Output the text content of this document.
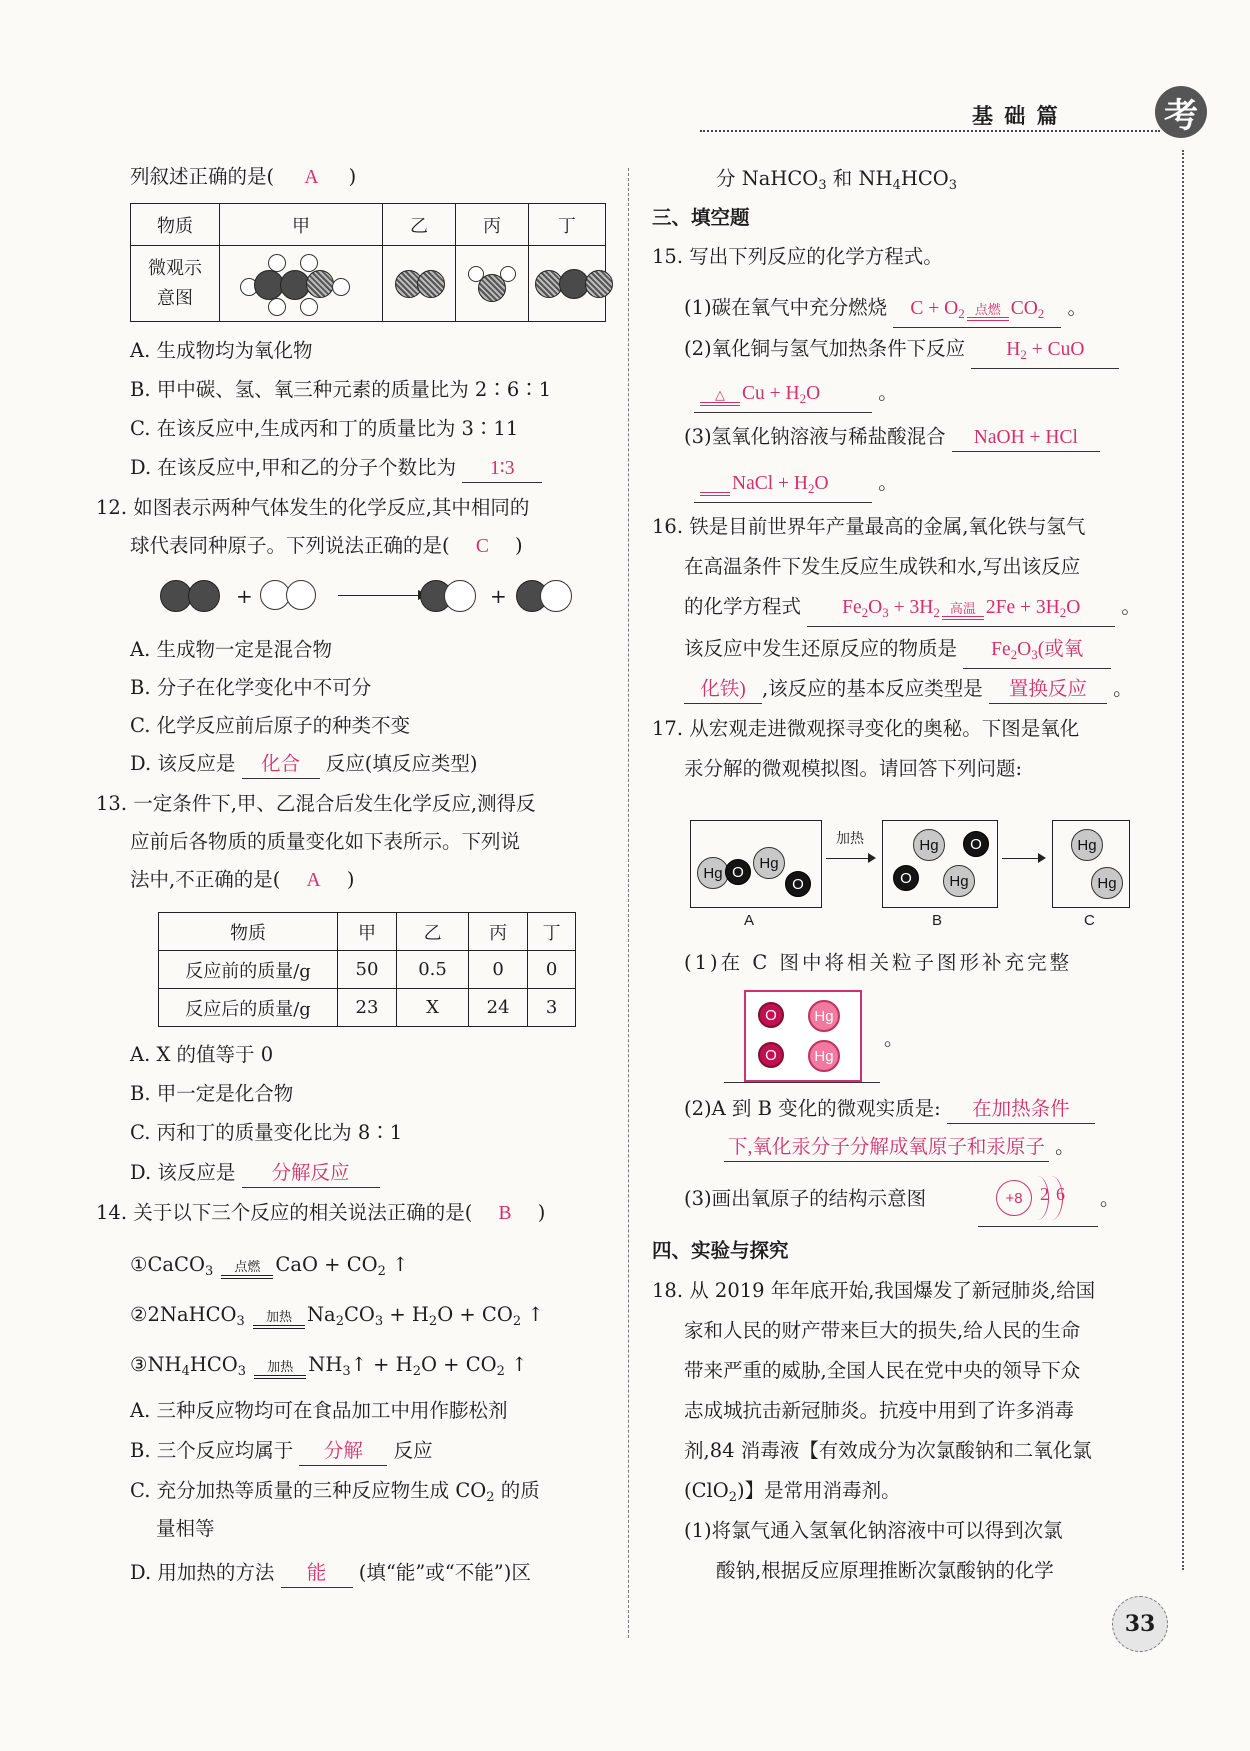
基 础 篇	考
列叙述正确的是( A )
物质	甲	乙	丙	丁

微观示
意图				

A. 生成物均为氧化物
B. 甲中碳、氢、氧三种元素的质量比为 2∶6∶1
C. 在该反应中,生成丙和丁的质量比为 3∶11
D. 在该反应中,甲和乙的分子个数比为 1∶3
12. 如图表示两种气体发生的化学反应,其中相同的
球代表同种原子。下列说法正确的是( C )
+	+
A. 生成物一定是混合物
B. 分子在化学变化中不可分
C. 化学反应前后原子的种类不变
D. 该反应是 化合 反应(填反应类型)
13. 一定条件下,甲、乙混合后发生化学反应,测得反
应前后各物质的质量变化如下表所示。下列说
法中,不正确的是( A )
物质	甲	乙	丙	丁
反应前的质量/g	50	0.5	0	0
反应后的质量/g	23	X	24	3
A. X 的值等于 0
B. 甲一定是化合物
C. 丙和丁的质量变化比为 8∶1
D. 该反应是 分解反应
14. 关于以下三个反应的相关说法正确的是( B )
①CaCO$_3$	点燃 CaO + $CO_2$ ↑
②2NaHCO$_3$	加热 $Na_2CO_3 + H_2O + CO_2$ ↑
$③NH_4HCO_3$	加热 $NH_3↑ + H_2O + CO_2$ ↑
A. 三种反应物均可在食品加工中用作膨松剂
B. 三个反应均属于 分解 反应
C. 充分加热等质量的三种反应物生成 $CO_2$ 的质
量相等
D. 用加热的方法 能 (填“能”或“不能”)区
分 NaHCO$_3$ 和 $NH_4HCO_3$
三、填空题
15. 写出下列反应的化学方程式。
(1)碳在氧气中充分燃烧 $C + O_2$ 点燃 $CO_2$ 。
(2)氧化铜与氢气加热条件下反应 $H_2$ + CuO
△ $Cu + H_2O$	。
(3)氢氧化钠溶液与稀盐酸混合 NaOH + HCl

NaCl + $H_2O$	。
16. 铁是目前世界年产量最高的金属,氧化铁与氢气
在高温条件下发生反应生成铁和水,写出该反应
的化学方程式 $Fe_2O_3 + 3H_2$ 高温 $2Fe + 3H_2O$ 。
该反应中发生还原反应的物质是 $Fe_2O_3$(或氧
化铁) ,该反应的基本反应类型是 置换反应 。
17. 从宏观走进微观探寻变化的奥秘。下图是氧化
汞分解的微观模拟图。请回答下列问题:
Hg O
Hg
O
加热	Hg	O
O	Hg
Hg
Hg
A	B	C
(1)在 C 图中将相关粒子图形补充完整
O	Hg
O	Hg
。
(2)A 到 B 变化的微观实质是: 在加热条件
下,氧化汞分子分解成氧原子和汞原子 。
(3)画出氧原子的结构示意图	+8 2 6 。
四、实验与探究
18. 从 2019 年年底开始,我国爆发了新冠肺炎,给国
家和人民的财产带来巨大的损失,给人民的生命
带来严重的威胁,全国人民在党中央的领导下众
志成城抗击新冠肺炎。抗疫中用到了许多消毒
剂,84 消毒液【有效成分为次氯酸钠和二氧化氯
(ClO$_2$)】是常用消毒剂。
(1)将氯气通入氢氧化钠溶液中可以得到次氯
酸钠,根据反应原理推断次氯酸钠的化学
33
